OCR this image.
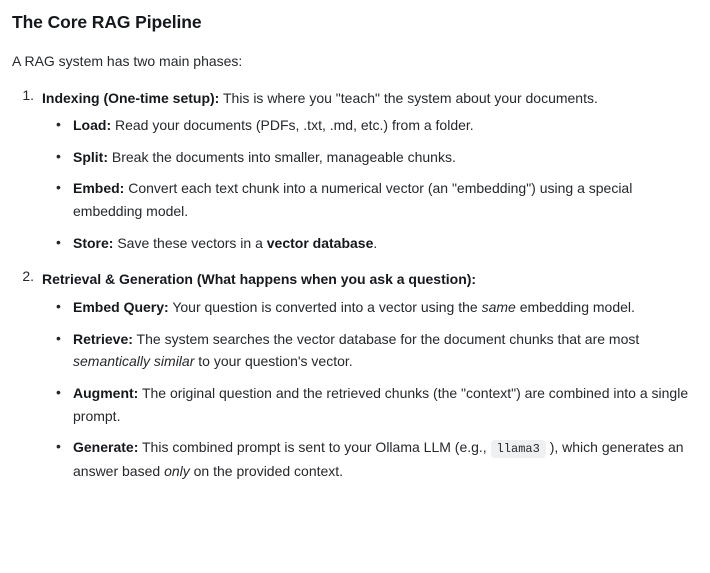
The Core RAG Pipeline

A RAG system has two main phases:

Indexing (One-time setup): This is where you "teach" the system about your documents.
• Load: Read your documents (PDFs, .txt, .md, etc.) from a folder.
• Split: Break the documents into smaller, manageable chunks.
• Embed: Convert each text chunk into a numerical vector (an "embedding") using a special embedding model.
• Store: Save these vectors in a vector database.
Retrieval & Generation (What happens when you ask a question):
• Embed Query: Your question is converted into a vector using the same embedding model.
• Retrieve: The system searches the vector database for the document chunks that are most semantically similar to your question's vector.
• Augment: The original question and the retrieved chunks (the "context") are combined into a single prompt.
• Generate: This combined prompt is sent to your Ollama LLM (e.g., llama3 ), which generates an answer based only on the provided context.
